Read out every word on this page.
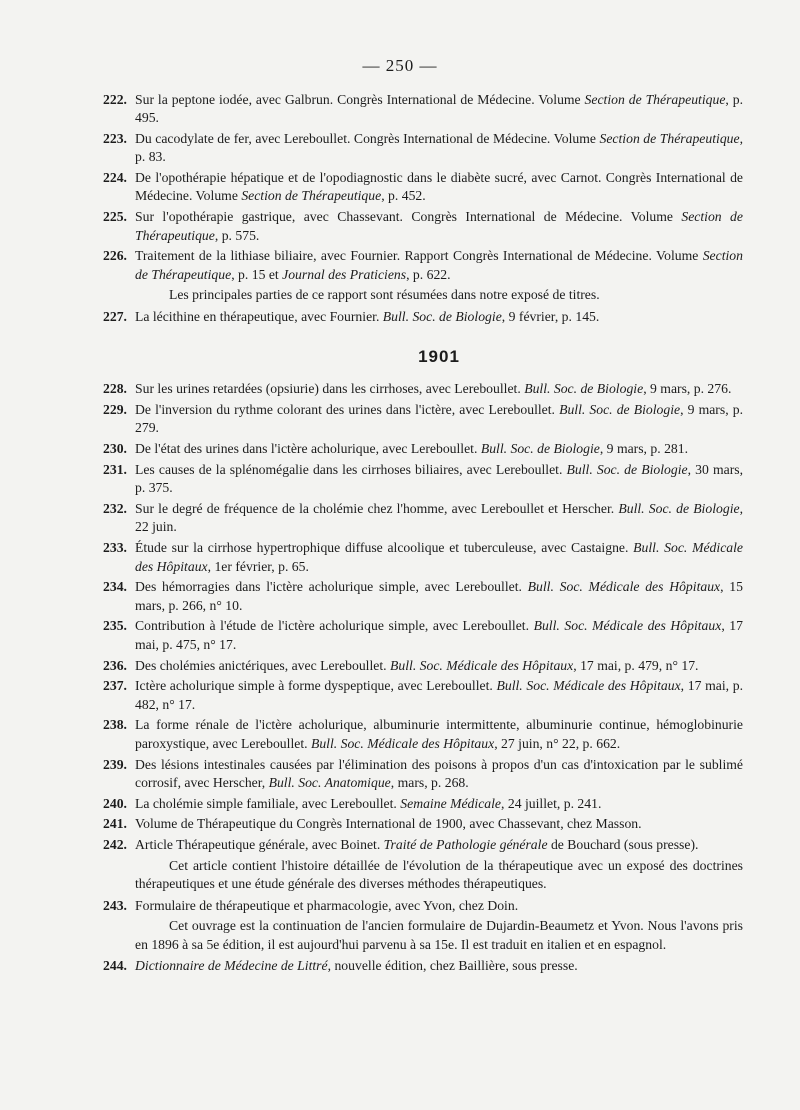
— 250 —
222. Sur la peptone iodée, avec Galbrun. Congrès International de Médecine. Volume Section de Thérapeutique, p. 495.
223. Du cacodylate de fer, avec Lereboullet. Congrès International de Médecine. Volume Section de Thérapeutique, p. 83.
224. De l'opothérapie hépatique et de l'opodiagnostic dans le diabète sucré, avec Carnot. Congrès International de Médecine. Volume Section de Thérapeutique, p. 452.
225. Sur l'opothérapie gastrique, avec Chassevant. Congrès International de Médecine. Volume Section de Thérapeutique, p. 575.
226. Traitement de la lithiase biliaire, avec Fournier. Rapport Congrès International de Médecine. Volume Section de Thérapeutique, p. 15 et Journal des Praticiens, p. 622.
Les principales parties de ce rapport sont résumées dans notre exposé de titres.
227. La lécithine en thérapeutique, avec Fournier. Bull. Soc. de Biologie, 9 février, p. 145.
1901
228. Sur les urines retardées (opsiurie) dans les cirrhoses, avec Lereboullet. Bull. Soc. de Biologie, 9 mars, p. 276.
229. De l'inversion du rythme colorant des urines dans l'ictère, avec Lereboullet. Bull. Soc. de Biologie, 9 mars, p. 279.
230. De l'état des urines dans l'ictère acholurique, avec Lereboullet. Bull. Soc. de Biologie, 9 mars, p. 281.
231. Les causes de la splénomégalie dans les cirrhoses biliaires, avec Lereboullet. Bull. Soc. de Biologie, 30 mars, p. 375.
232. Sur le degré de fréquence de la cholémie chez l'homme, avec Lereboullet et Herscher. Bull. Soc. de Biologie, 22 juin.
233. Étude sur la cirrhose hypertrophique diffuse alcoolique et tuberculeuse, avec Castaigne. Bull. Soc. Médicale des Hôpitaux, 1er février, p. 65.
234. Des hémorragies dans l'ictère acholurique simple, avec Lereboullet. Bull. Soc. Médicale des Hôpitaux, 15 mars, p. 266, n° 10.
235. Contribution à l'étude de l'ictère acholurique simple, avec Lereboullet. Bull. Soc. Médicale des Hôpitaux, 17 mai, p. 475, n° 17.
236. Des cholémies anictériques, avec Lereboullet. Bull. Soc. Médicale des Hôpitaux, 17 mai, p. 479, n° 17.
237. Ictère acholurique simple à forme dyspeptique, avec Lereboullet. Bull. Soc. Médicale des Hôpitaux, 17 mai, p. 482, n° 17.
238. La forme rénale de l'ictère acholurique, albuminurie intermittente, albuminurie continue, hémoglobinurie paroxystique, avec Lereboullet. Bull. Soc. Médicale des Hôpitaux, 27 juin, n° 22, p. 662.
239. Des lésions intestinales causées par l'élimination des poisons à propos d'un cas d'intoxication par le sublimé corrosif, avec Herscher, Bull. Soc. Anatomique, mars, p. 268.
240. La cholémie simple familiale, avec Lereboullet. Semaine Médicale, 24 juillet, p. 241.
241. Volume de Thérapeutique du Congrès International de 1900, avec Chassevant, chez Masson.
242. Article Thérapeutique générale, avec Boinet. Traité de Pathologie générale de Bouchard (sous presse).
Cet article contient l'histoire détaillée de l'évolution de la thérapeutique avec un exposé des doctrines thérapeutiques et une étude générale des diverses méthodes thérapeutiques.
243. Formulaire de thérapeutique et pharmacologie, avec Yvon, chez Doin.
Cet ouvrage est la continuation de l'ancien formulaire de Dujardin-Beaumetz et Yvon. Nous l'avons pris en 1896 à sa 5e édition, il est aujourd'hui parvenu à sa 15e. Il est traduit en italien et en espagnol.
244. Dictionnaire de Médecine de Littré, nouvelle édition, chez Baillière, sous presse.
